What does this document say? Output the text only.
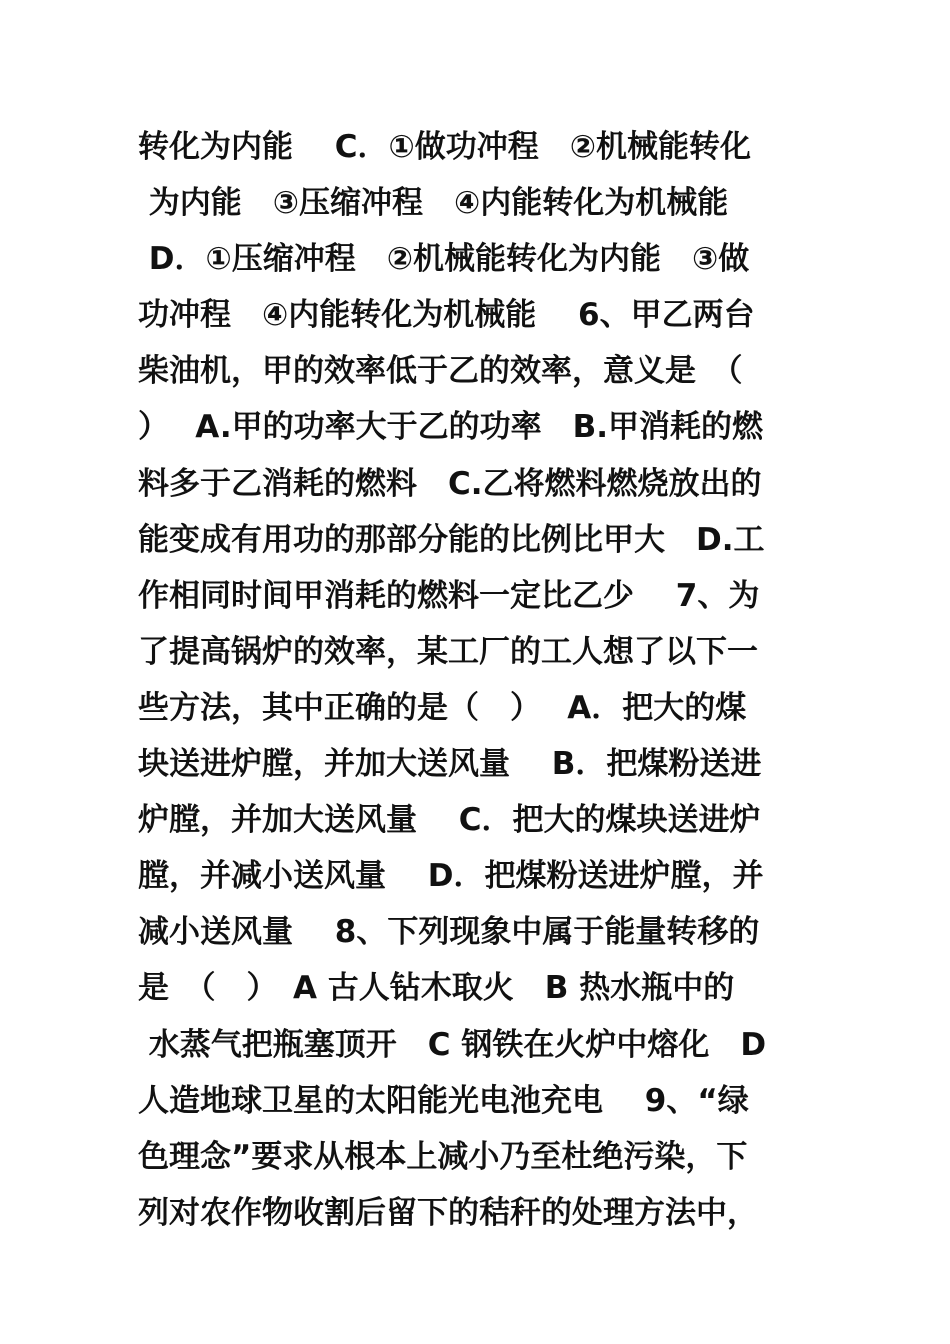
转化为内能　 C．①做功冲程　②机械能转化
为内能　③压缩冲程　④内能转化为机械能
D．①压缩冲程　②机械能转化为内能　③做
功冲程　④内能转化为机械能　 6、甲乙两台
柴油机，甲的效率低于乙的效率，意义是　（
）　 A.甲的功率大于乙的功率　B.甲消耗的燃
料多于乙消耗的燃料　C.乙将燃料燃烧放出的
能变成有用功的那部分能的比例比甲大　D.工
作相同时间甲消耗的燃料一定比乙少　 7、为
了提高锅炉的效率，某工厂的工人想了以下一
些方法，其中正确的是（　）　 A．把大的煤
块送进炉膛，并加大送风量　 B．把煤粉送进
炉膛，并加大送风量　 C．把大的煤块送进炉
膛，并减小送风量　 D．把煤粉送进炉膛，并
减小送风量　 8、下列现象中属于能量转移的
是　（　）　A 古人钻木取火　B 热水瓶中的
水蒸气把瓶塞顶开　C 钢铁在火炉中熔化　D
人造地球卫星的太阳能光电池充电　 9、“绿
色理念”要求从根本上减小乃至杜绝污染，下
列对农作物收割后留下的秸秆的处理方法中，
